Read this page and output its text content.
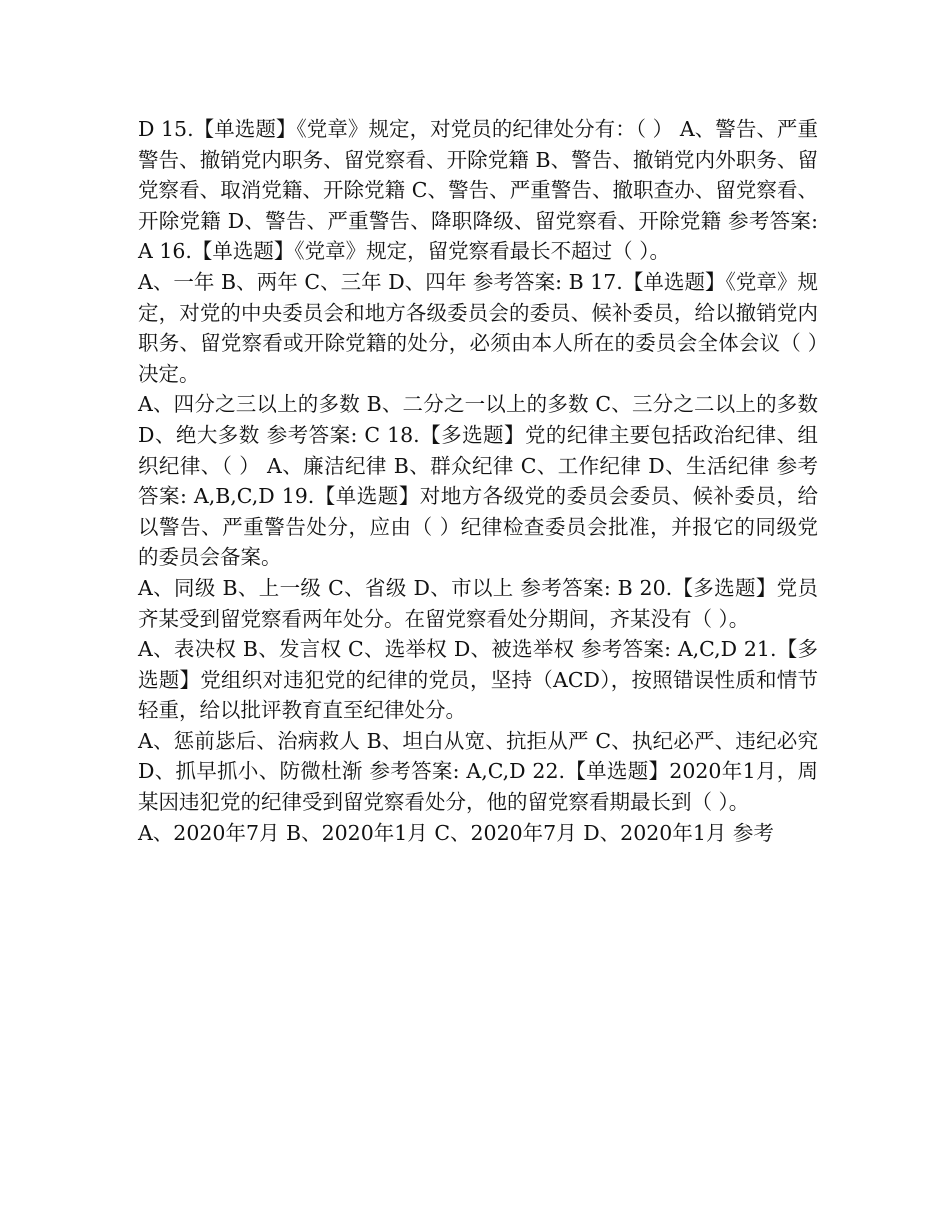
D 15.【单选题】《党章》规定，对党员的纪律处分有：（ ） A、警告、严重警告、撤销党内职务、留党察看、开除党籍 B、警告、撤销党内外职务、留党察看、取消党籍、开除党籍 C、警告、严重警告、撤职查办、留党察看、开除党籍 D、警告、严重警告、降职降级、留党察看、开除党籍 参考答案: A 16.【单选题】《党章》规定，留党察看最长不超过（ ）。

A、一年 B、两年 C、三年 D、四年 参考答案: B 17.【单选题】《党章》规定，对党的中央委员会和地方各级委员会的委员、候补委员，给以撤销党内职务、留党察看或开除党籍的处分，必须由本人所在的委员会全体会议（ ）决定。

A、四分之三以上的多数 B、二分之一以上的多数 C、三分之二以上的多数 D、绝大多数 参考答案: C 18.【多选题】党的纪律主要包括政治纪律、组织纪律、（ ） A、廉洁纪律 B、群众纪律 C、工作纪律 D、生活纪律 参考答案: A,B,C,D 19.【单选题】对地方各级党的委员会委员、候补委员，给以警告、严重警告处分，应由（ ）纪律检查委员会批准，并报它的同级党的委员会备案。

A、同级 B、上一级 C、省级 D、市以上 参考答案: B 20.【多选题】党员齐某受到留党察看两年处分。在留党察看处分期间，齐某没有（ ）。

A、表决权 B、发言权 C、选举权 D、被选举权 参考答案: A,C,D 21.【多选题】党组织对违犯党的纪律的党员，坚持（ACD），按照错误性质和情节轻重，给以批评教育直至纪律处分。

A、惩前毖后、治病救人 B、坦白从宽、抗拒从严 C、执纪必严、违纪必究 D、抓早抓小、防微杜渐 参考答案: A,C,D 22.【单选题】2020年1月，周某因违犯党的纪律受到留党察看处分，他的留党察看期最长到（ ）。

A、2020年7月 B、2020年1月 C、2020年7月 D、2020年1月 参考
